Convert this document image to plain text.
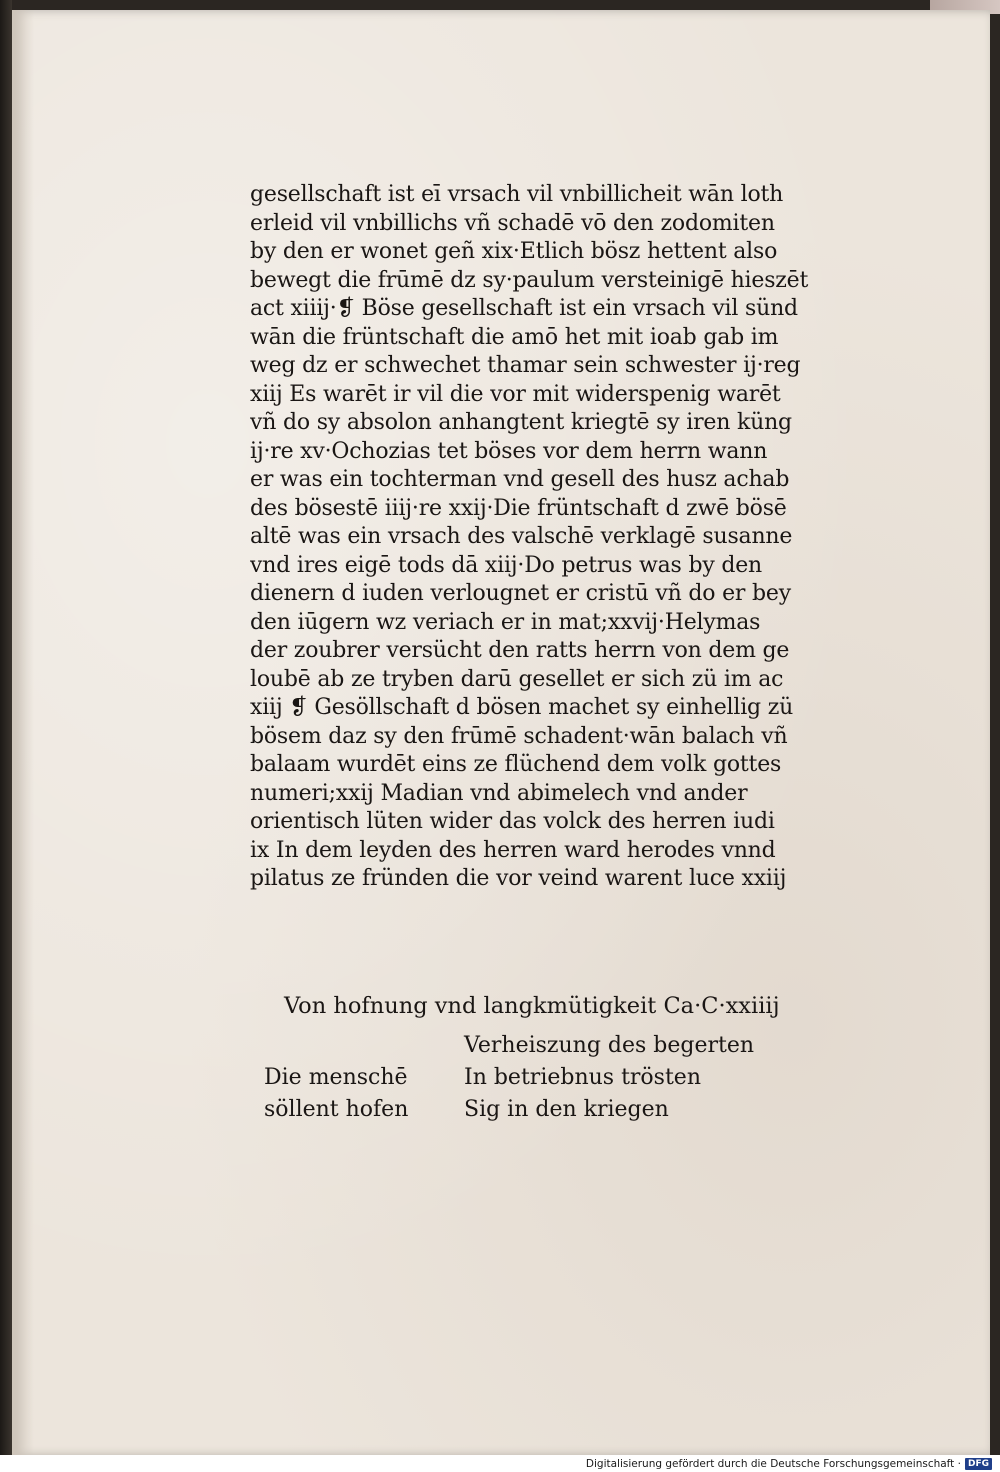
gesellschaft ist eī vrsach vil vnbillicheit wān loth
erleid vil vnbillichs vñ schadē vō den zodomiten
by den er wonet geñ xix·Etlich bösz hettent also
bewegt die frūmē dz sy·paulum versteinigē hieszēt
act xiiij·❡ Böse gesellschaft ist ein vrsach vil sünd
wān die früntschaft die amō het mit ioab gab im
weg dz er schwechet thamar sein schwester ij·reg
xiij Es warēt ir vil die vor mit widerspenig warēt
vñ do sy absolon anhangtent kriegtē sy iren küng
ij·re xv·Ochozias tet böses vor dem herrn wann
er was ein tochterman vnd gesell des husz achab
des bösestē iiij·re xxij·Die früntschaft d zwē bösē
altē was ein vrsach des valschē verklagē susanne
vnd ires eigē tods dā xiij·Do petrus was by den
dienern d iuden verlougnet er cristū vñ do er bey
den iūgern wz veriach er in mat;xxvij·Helymas
der zoubrer versücht den ratts herrn von dem ge
loubē ab ze tryben darū gesellet er sich zü im ac
xiij ❡ Gesöllschaft d bösen machet sy einhellig zü
bösem daz sy den frūmē schadent·wān balach vñ
balaam wurdēt eins ze flüchend dem volk gottes
numeri;xxij Madian vnd abimelech vnd ander
orientisch lüten wider das volck des herren iudi
ix In dem leyden des herren ward herodes vnnd
pilatus ze fründen die vor veind warent luce xxiij
Von hofnung vnd langkmütigkeit Ca·C·xxiiij
Verheiszung des begerten
Die menschē	In betriebnus trösten
söllent hofen	Sig in den kriegen
Digitalisierung gefördert durch die Deutsche Forschungsgemeinschaft · DFG
